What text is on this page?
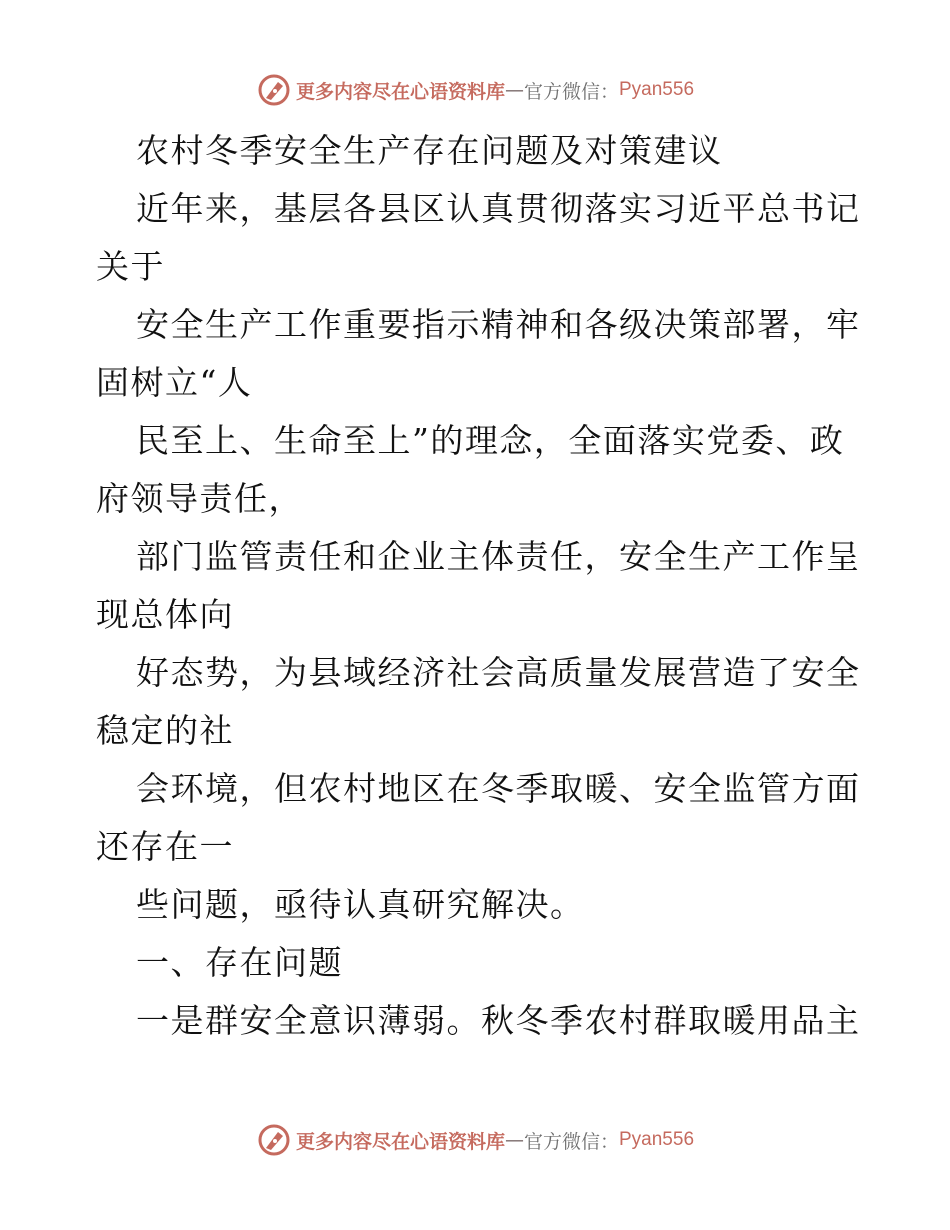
更多内容尽在心语资料库 — 官方微信： Pyan556
农村冬季安全生产存在问题及对策建议
近年来，基层各县区认真贯彻落实习近平总书记
关于
安全生产工作重要指示精神和各级决策部署，牢
固树立“人
民至上、生命至上”的理念，全面落实党委、政
府领导责任，
部门监管责任和企业主体责任，安全生产工作呈
现总体向
好态势，为县域经济社会高质量发展营造了安全
稳定的社
会环境，但农村地区在冬季取暖、安全监管方面
还存在一
些问题，亟待认真研究解决。
一、存在问题
一是群安全意识薄弱。秋冬季农村群取暖用品主
更多内容尽在心语资料库 — 官方微信： Pyan556
